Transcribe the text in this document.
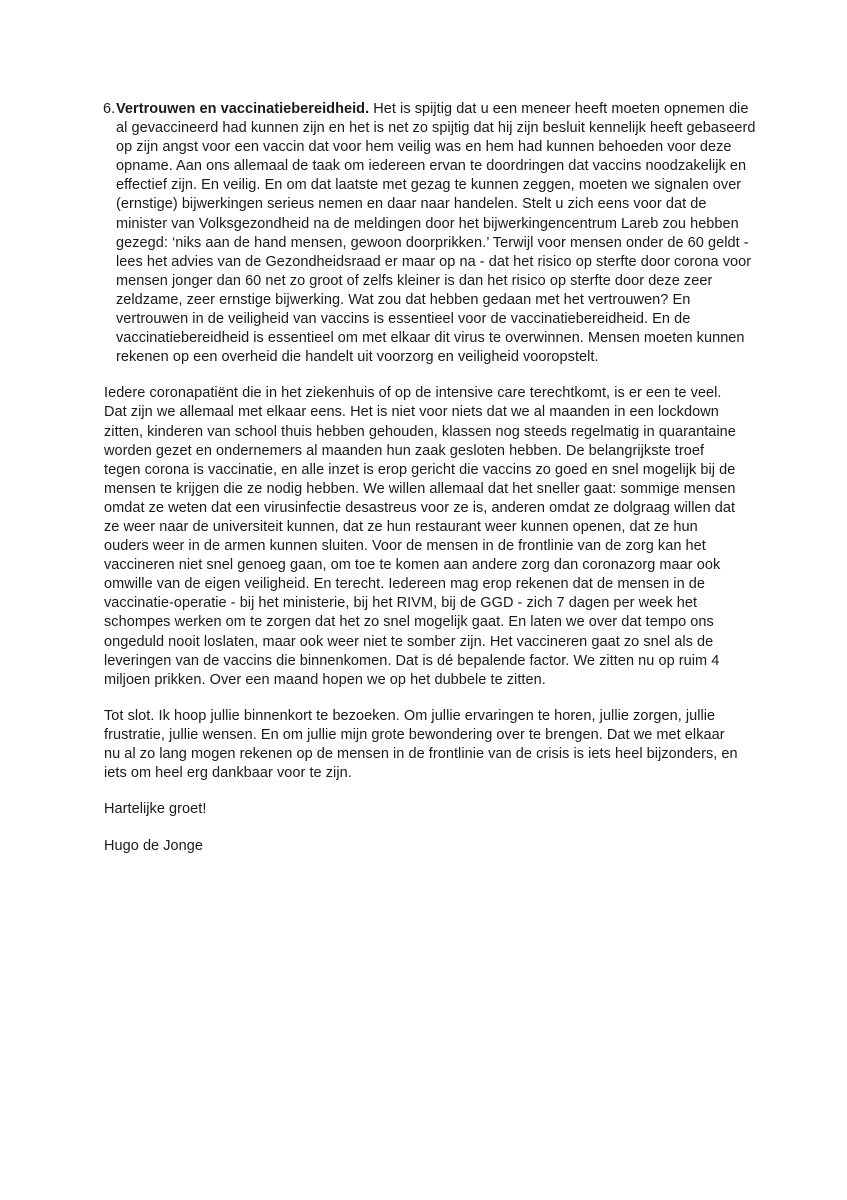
6. Vertrouwen en vaccinatiebereidheid. Het is spijtig dat u een meneer heeft moeten opnemen die al gevaccineerd had kunnen zijn en het is net zo spijtig dat hij zijn besluit kennelijk heeft gebaseerd op zijn angst voor een vaccin dat voor hem veilig was en hem had kunnen behoeden voor deze opname. Aan ons allemaal de taak om iedereen ervan te doordringen dat vaccins noodzakelijk en effectief zijn. En veilig. En om dat laatste met gezag te kunnen zeggen, moeten we signalen over (ernstige) bijwerkingen serieus nemen en daar naar handelen. Stelt u zich eens voor dat de minister van Volksgezondheid na de meldingen door het bijwerkingencentrum Lareb zou hebben gezegd: ‘niks aan de hand mensen, gewoon doorprikken.’ Terwijl voor mensen onder de 60 geldt - lees het advies van de Gezondheidsraad er maar op na - dat het risico op sterfte door corona voor mensen jonger dan 60 net zo groot of zelfs kleiner is dan het risico op sterfte door deze zeer zeldzame, zeer ernstige bijwerking. Wat zou dat hebben gedaan met het vertrouwen? En vertrouwen in de veiligheid van vaccins is essentieel voor de vaccinatiebereidheid. En de vaccinatiebereidheid is essentieel om met elkaar dit virus te overwinnen. Mensen moeten kunnen rekenen op een overheid die handelt uit voorzorg en veiligheid vooropstelt.

Iedere coronapatiënt die in het ziekenhuis of op de intensive care terechtkomt, is er een te veel. Dat zijn we allemaal met elkaar eens. Het is niet voor niets dat we al maanden in een lockdown zitten, kinderen van school thuis hebben gehouden, klassen nog steeds regelmatig in quarantaine worden gezet en ondernemers al maanden hun zaak gesloten hebben. De belangrijkste troef tegen corona is vaccinatie, en alle inzet is erop gericht die vaccins zo goed en snel mogelijk bij de mensen te krijgen die ze nodig hebben. We willen allemaal dat het sneller gaat: sommige mensen omdat ze weten dat een virusinfectie desastreus voor ze is, anderen omdat ze dolgraag willen dat ze weer naar de universiteit kunnen, dat ze hun restaurant weer kunnen openen, dat ze hun ouders weer in de armen kunnen sluiten. Voor de mensen in de frontlinie van de zorg kan het vaccineren niet snel genoeg gaan, om toe te komen aan andere zorg dan coronazorg maar ook omwille van de eigen veiligheid. En terecht. Iedereen mag erop rekenen dat de mensen in de vaccinatie-operatie - bij het ministerie, bij het RIVM, bij de GGD - zich 7 dagen per week het schompes werken om te zorgen dat het zo snel mogelijk gaat. En laten we over dat tempo ons ongeduld nooit loslaten, maar ook weer niet te somber zijn. Het vaccineren gaat zo snel als de leveringen van de vaccins die binnenkomen. Dat is dé bepalende factor. We zitten nu op ruim 4 miljoen prikken. Over een maand hopen we op het dubbele te zitten.

Tot slot. Ik hoop jullie binnenkort te bezoeken. Om jullie ervaringen te horen, jullie zorgen, jullie frustratie, jullie wensen. En om jullie mijn grote bewondering over te brengen. Dat we met elkaar nu al zo lang mogen rekenen op de mensen in de frontlinie van de crisis is iets heel bijzonders, en iets om heel erg dankbaar voor te zijn.

Hartelijke groet!

Hugo de Jonge
